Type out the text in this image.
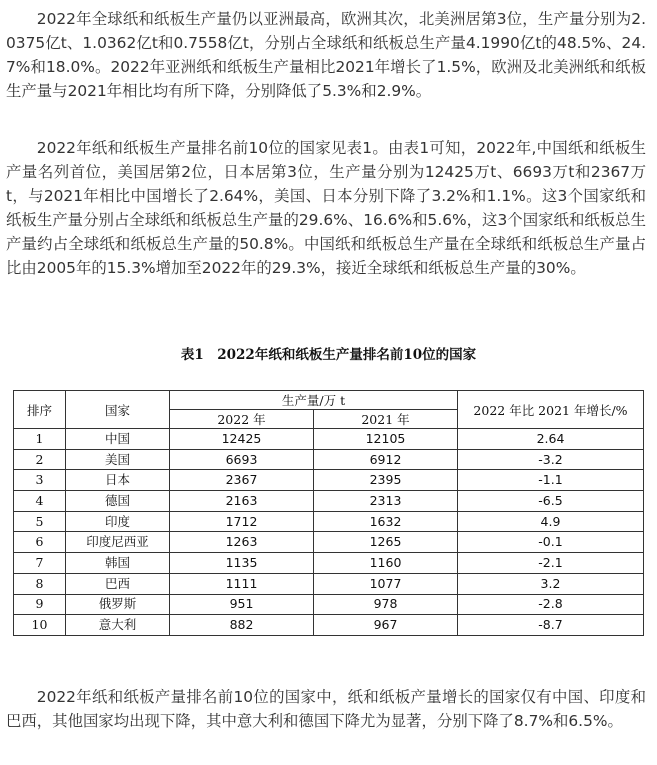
2022年全球纸和纸板生产量仍以亚洲最高，欧洲其次，北美洲居第3位，生产量分别为2.0375亿t、1.0362亿t和0.7558亿t，分别占全球纸和纸板总生产量4.1990亿t的48.5%、24.7%和18.0%。2022年亚洲纸和纸板生产量相比2021年增长了1.5%，欧洲及北美洲纸和纸板生产量与2021年相比均有所下降，分别降低了5.3%和2.9%。

2022年纸和纸板生产量排名前10位的国家见表1。由表1可知，2022年,中国纸和纸板生产量名列首位，美国居第2位，日本居第3位，生产量分别为12425万t、6693万t和2367万t，与2021年相比中国增长了2.64%，美国、日本分别下降了3.2%和1.1%。这3个国家纸和纸板生产量分别占全球纸和纸板总生产量的29.6%、16.6%和5.6%，这3个国家纸和纸板总生产量约占全球纸和纸板总生产量的50.8%。中国纸和纸板总生产量在全球纸和纸板总生产量占比由2005年的15.3%增加至2022年的29.3%，接近全球纸和纸板总生产量的30%。

表1　2022年纸和纸板生产量排名前10位的国家
排序	国家	生产量/万 t		2022 年比 2021 年增长/%
		2022 年	2021 年	
1	中国	12425	12105	2.64
2	美国	6693	6912	-3.2
3	日本	2367	2395	-1.1
4	德国	2163	2313	-6.5
5	印度	1712	1632	4.9
6	印度尼西亚	1263	1265	-0.1
7	韩国	1135	1160	-2.1
8	巴西	1111	1077	3.2
9	俄罗斯	951	978	-2.8
10	意大利	882	967	-8.7

2022年纸和纸板产量排名前10位的国家中，纸和纸板产量增长的国家仅有中国、印度和巴西，其他国家均出现下降，其中意大利和德国下降尤为显著，分别下降了8.7%和6.5%。
